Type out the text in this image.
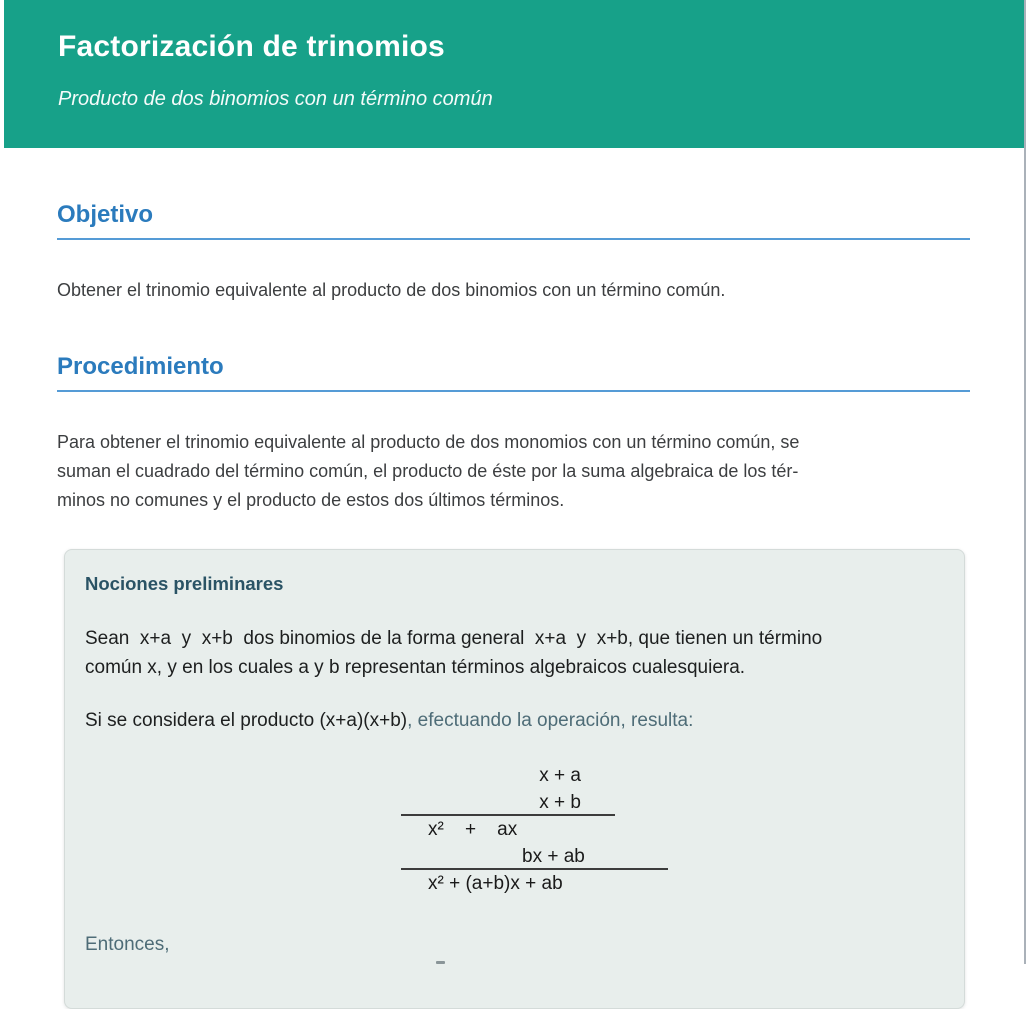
Factorización de trinomios
Producto de dos binomios con un término común
Objetivo

Obtener el trinomio equivalente al producto de dos binomios con un término común.

Procedimiento
Para obtener el trinomio equivalente al producto de dos monomios con un término común, se
suman el cuadrado del término común, el producto de éste por la suma algebraica de los tér-
minos no comunes y el producto de estos dos últimos términos.
Nociones preliminares
Sean  x+a  y  x+b  dos binomios de la forma general  x+a  y  x+b, que tienen un término
común x, y en los cuales a y b representan términos algebraicos cualesquiera.
Si se considera el producto (x+a)(x+b), efectuando la operación, resulta:
x + a
x + b
x²    +    ax
bx + ab
x² + (a+b)x + ab
Entonces,
